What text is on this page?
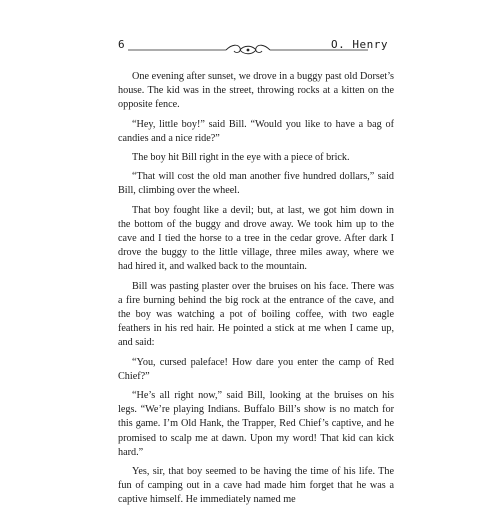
6	O. Henry

One evening after sunset, we drove in a buggy past old Dorset’s house. The kid was in the street, throwing rocks at a kitten on the opposite fence.

“Hey, little boy!” said Bill. “Would you like to have a bag of candies and a nice ride?”

The boy hit Bill right in the eye with a piece of brick.

“That will cost the old man another five hundred dollars,” said Bill, climbing over the wheel.

That boy fought like a devil; but, at last, we got him down in the bottom of the buggy and drove away. We took him up to the cave and I tied the horse to a tree in the cedar grove. After dark I drove the buggy to the little village, three miles away, where we had hired it, and walked back to the mountain.

Bill was pasting plaster over the bruises on his face. There was a fire burning behind the big rock at the entrance of the cave, and the boy was watching a pot of boiling coffee, with two eagle feathers in his red hair. He pointed a stick at me when I came up, and said:

“You, cursed paleface! How dare you enter the camp of Red Chief?”

“He’s all right now,” said Bill, looking at the bruises on his legs. “We’re playing Indians. Buffalo Bill’s show is no match for this game. I’m Old Hank, the Trapper, Red Chief’s captive, and he promised to scalp me at dawn. Upon my word! That kid can kick hard.”

Yes, sir, that boy seemed to be having the time of his life. The fun of camping out in a cave had made him forget that he was a captive himself. He immediately named me
